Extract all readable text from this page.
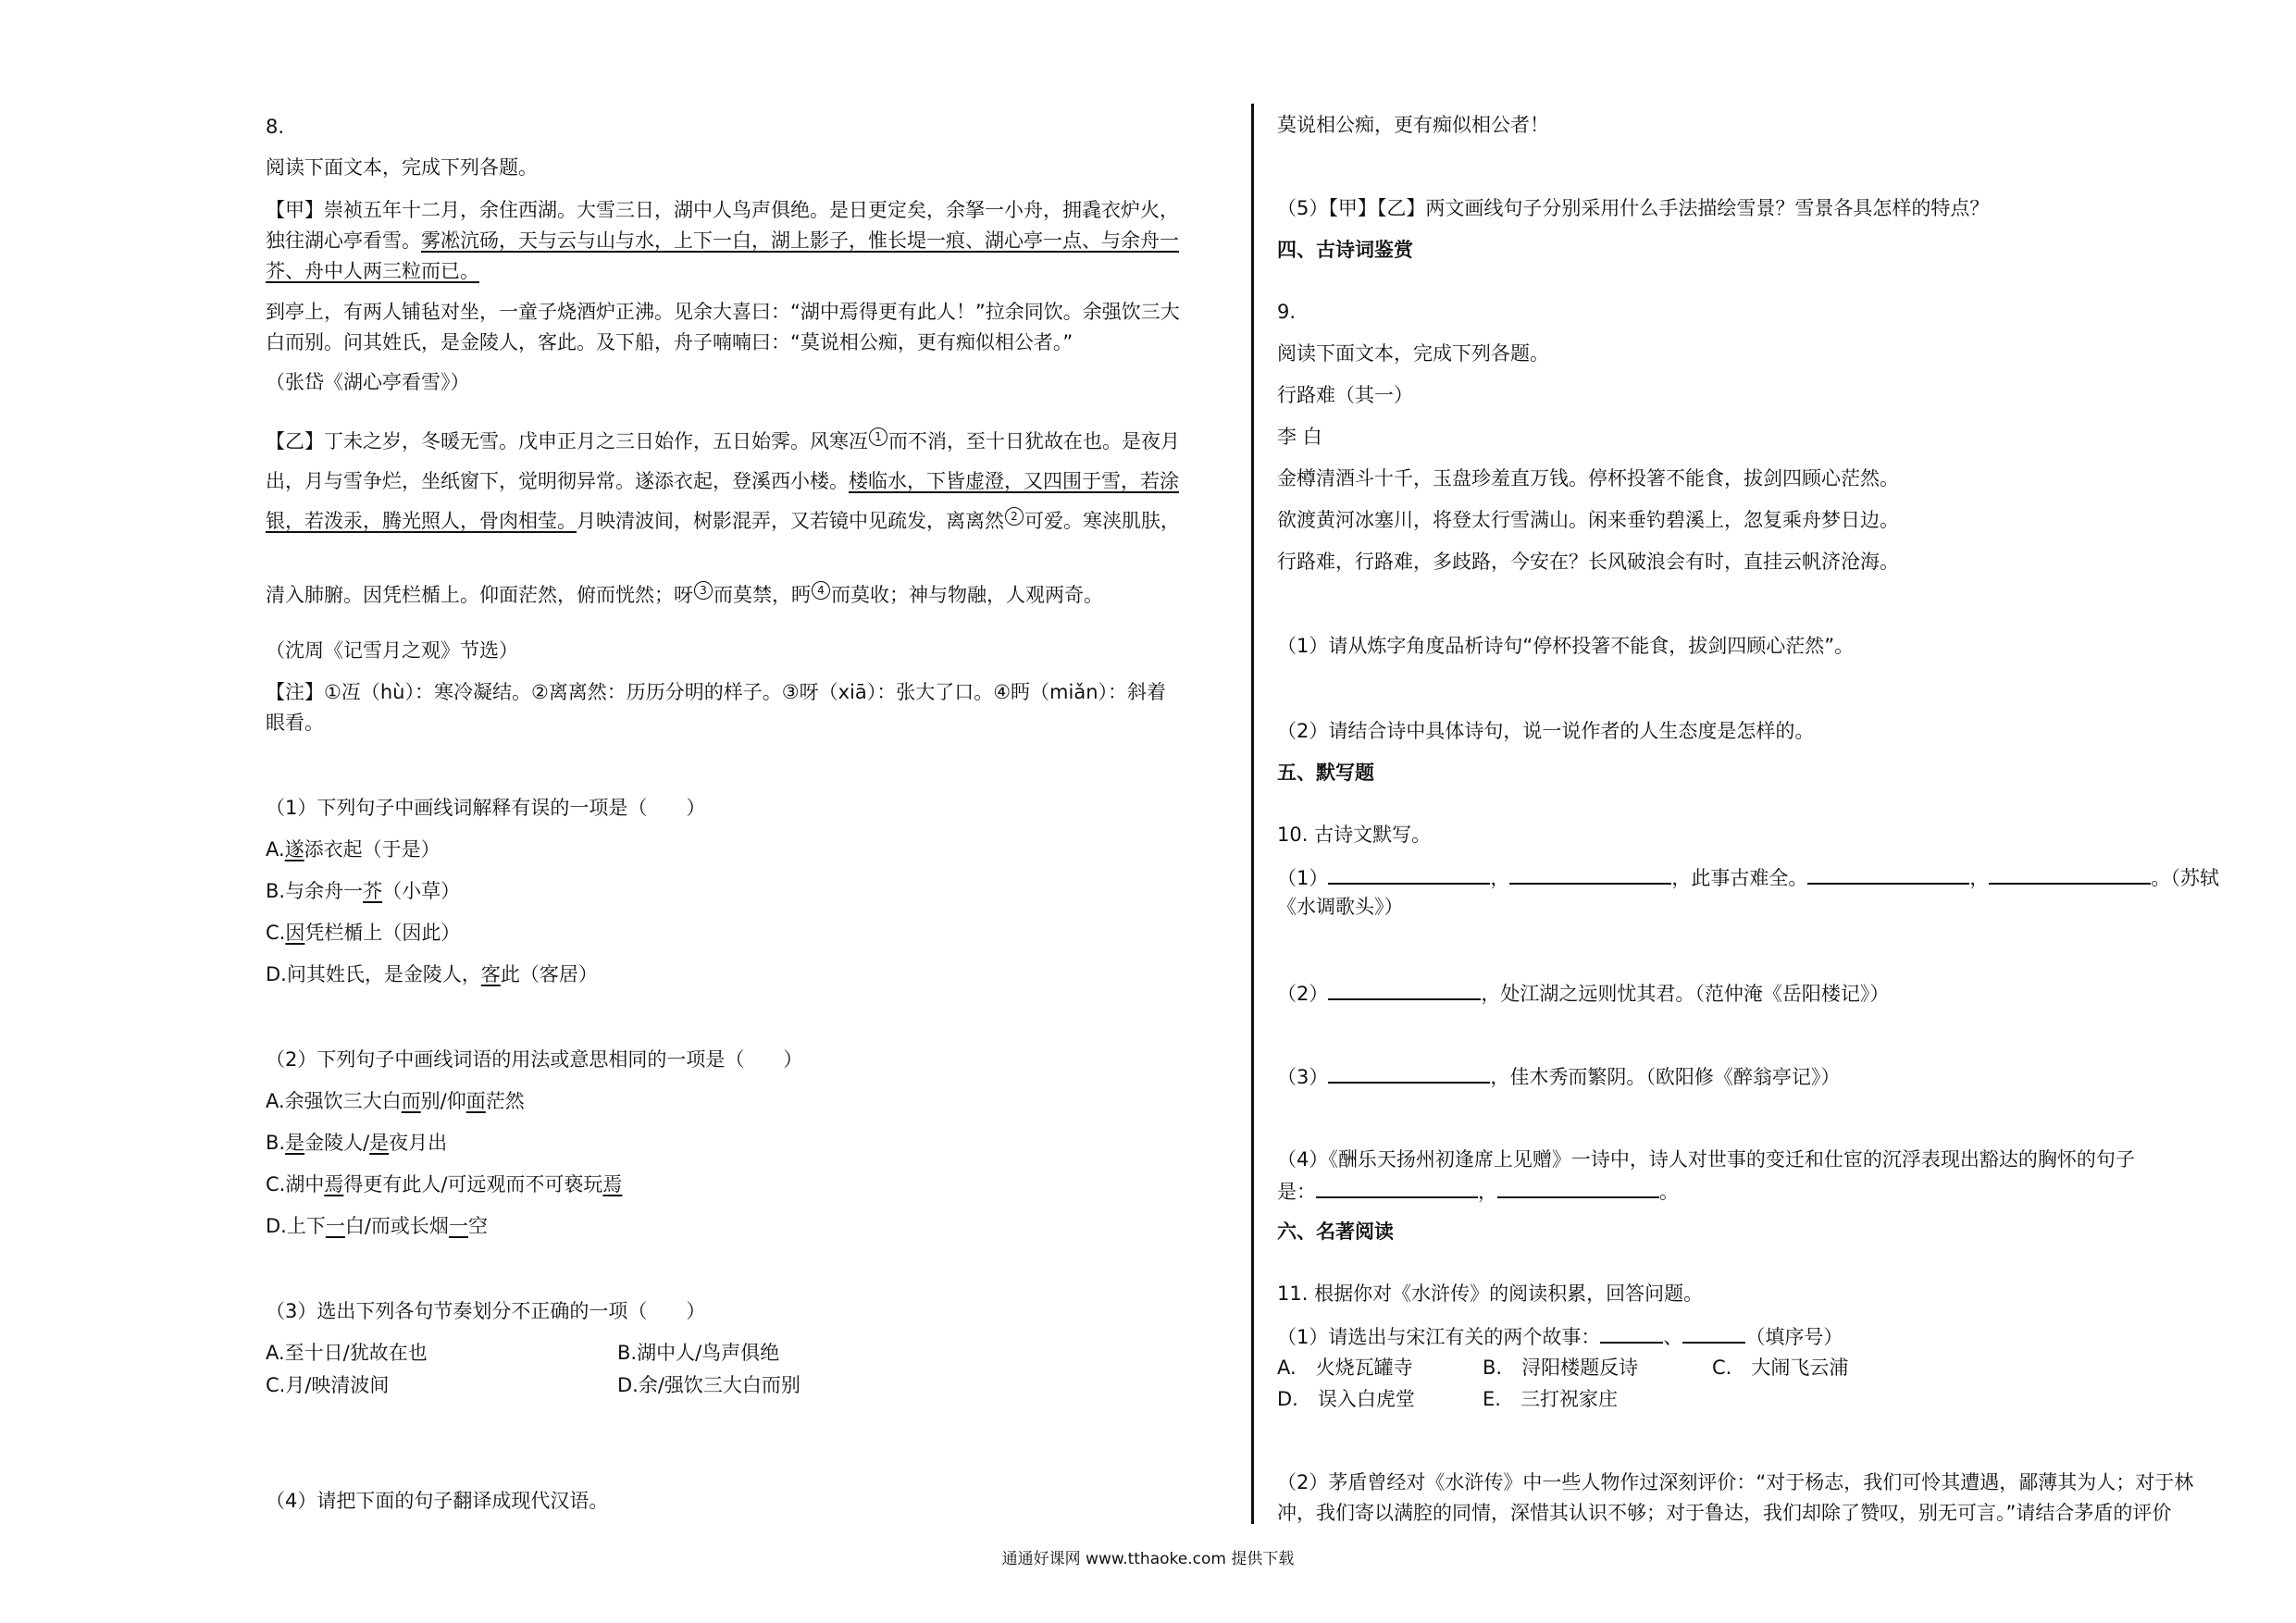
8.
阅读下面文本，完成下列各题。
【甲】崇祯五年十二月，余住西湖。大雪三日，湖中人鸟声俱绝。是日更定矣，余拏一小舟，拥毳衣炉火，
独往湖心亭看雪。雾凇沆砀，天与云与山与水，上下一白，湖上影子，惟长堤一痕、湖心亭一点、与余舟一
芥、舟中人两三粒而已。
到亭上，有两人铺毡对坐，一童子烧酒炉正沸。见余大喜曰：“湖中焉得更有此人！”拉余同饮。余强饮三大
白而别。问其姓氏，是金陵人，客此。及下船，舟子喃喃曰：“莫说相公痴，更有痴似相公者。”
（张岱《湖心亭看雪》）
【乙】丁未之岁，冬暖无雪。戊申正月之三日始作，五日始霁。风寒冱 1 而不消，至十日犹故在也。是夜月
出，月与雪争烂，坐纸窗下，觉明彻异常。遂添衣起，登溪西小楼。楼临水，下皆虚澄，又四围于雪，若涂
银，若泼汞，腾光照人，骨肉相莹。月映清波间，树影混弄，又若镜中见疏发，离离然 2 可爱。寒浃肌肤，
清入肺腑。因凭栏楯上。仰面茫然，俯而恍然；呀 3 而莫禁，眄 4 而莫收；神与物融，人观两奇。
（沈周《记雪月之观》节选）
【注】①冱（hù）：寒冷凝结。②离离然：历历分明的样子。③呀（xiā）：张大了口。④眄（miǎn）：斜着
眼看。
（1）下列句子中画线词解释有误的一项是（　　）
A.遂添衣起（于是）
B.与余舟一芥（小草）
C.因凭栏楯上（因此）
D.问其姓氏，是金陵人，客此（客居）
（2）下列句子中画线词语的用法或意思相同的一项是（　　）
A.余强饮三大白而别/仰面茫然
B.是金陵人/是夜月出
C.湖中焉得更有此人/可远观而不可亵玩焉
D.上下一白/而或长烟一空
（3）选出下列各句节奏划分不正确的一项（　　）
A.至十日/犹故在也	B.湖中人/鸟声俱绝
C.月/映清波间	D.余/强饮三大白而别
（4）请把下面的句子翻译成现代汉语。
莫说相公痴，更有痴似相公者！
（5）【甲】【乙】两文画线句子分别采用什么手法描绘雪景？雪景各具怎样的特点？
四、古诗词鉴赏
9.
阅读下面文本，完成下列各题。
行路难（其一）
李 白
金樽清酒斗十千，玉盘珍羞直万钱。停杯投箸不能食，拔剑四顾心茫然。
欲渡黄河冰塞川，将登太行雪满山。闲来垂钓碧溪上，忽复乘舟梦日边。
行路难，行路难，多歧路，今安在？长风破浪会有时，直挂云帆济沧海。
（1）请从炼字角度品析诗句“停杯投箸不能食，拔剑四顾心茫然”。
（2）请结合诗中具体诗句，说一说作者的人生态度是怎样的。
五、默写题
10. 古诗文默写。
（1）	，	，此事古难全。	，	。（苏轼
《水调歌头》）
（2）	，处江湖之远则忧其君。（范仲淹《岳阳楼记》）
（3）	，佳木秀而繁阴。（欧阳修《醉翁亭记》）
（4）《酬乐天扬州初逢席上见赠》一诗中，诗人对世事的变迁和仕宦的沉浮表现出豁达的胸怀的句子
是：	，	。
六、名著阅读
11. 根据你对《水浒传》的阅读积累，回答问题。
（1）请选出与宋江有关的两个故事：	、	（填序号）
A.　火烧瓦罐寺	B.　浔阳楼题反诗	C.　大闹飞云浦
D.　误入白虎堂	E.　三打祝家庄
（2）茅盾曾经对《水浒传》中一些人物作过深刻评价：“对于杨志，我们可怜其遭遇，鄙薄其为人；对于林
冲，我们寄以满腔的同情，深惜其认识不够；对于鲁达，我们却除了赞叹，别无可言。”请结合茅盾的评价
通通好课网 www.tthaoke.com 提供下载
